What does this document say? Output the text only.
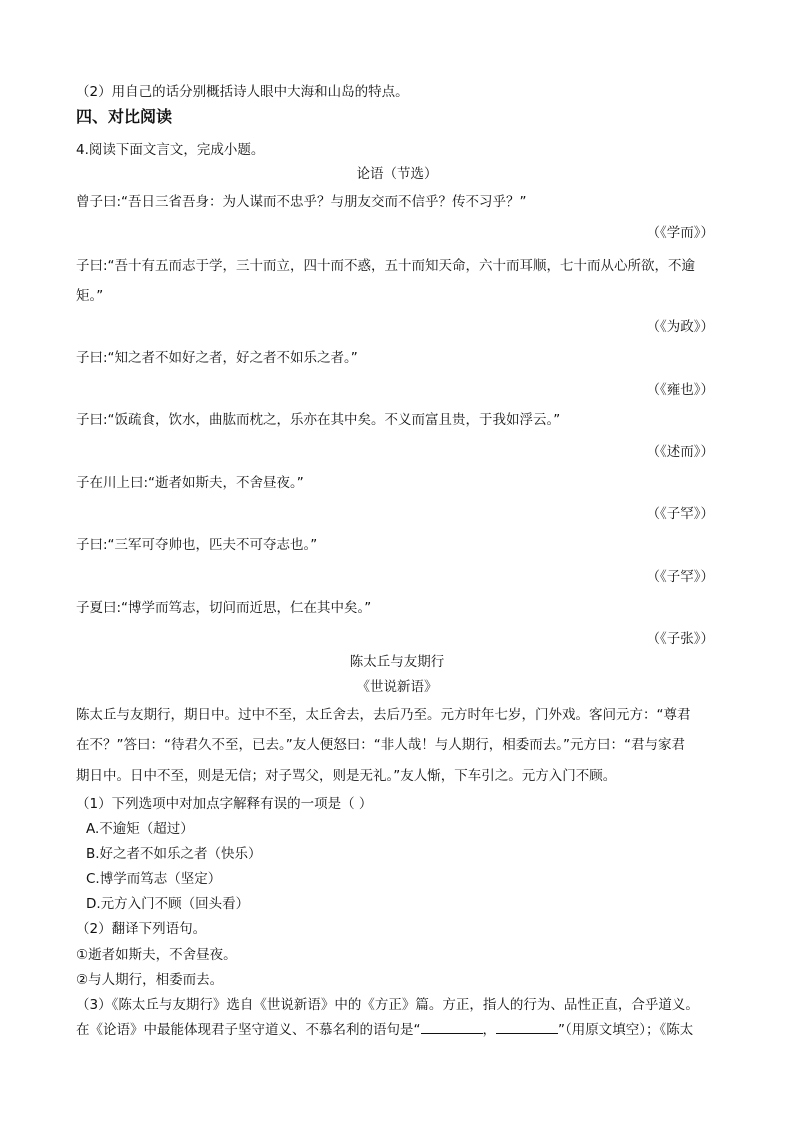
（2）用自己的话分别概括诗人眼中大海和山岛的特点。
四、对比阅读
4.阅读下面文言文，完成小题。
论语（节选）
曾子曰:“吾日三省吾身：为人谋而不忠乎？与朋友交而不信乎？传不习乎？”
（《学而》）
子曰:“吾十有五而志于学，三十而立，四十而不惑，五十而知天命，六十而耳顺，七十而从心所欲，不逾
矩。”
（《为政》）
子曰:“知之者不如好之者，好之者不如乐之者。”
（《雍也》）
子曰:“饭疏食，饮水，曲肱而枕之，乐亦在其中矣。不义而富且贵，于我如浮云。”
（《述而》）
子在川上曰:“逝者如斯夫，不舍昼夜。”
（《子罕》）
子曰:“三军可夺帅也，匹夫不可夺志也。”
（《子罕》）
子夏曰:“博学而笃志，切问而近思，仁在其中矣。”
（《子张》）
陈太丘与友期行
《世说新语》
陈太丘与友期行，期日中。过中不至，太丘舍去，去后乃至。元方时年七岁，门外戏。客问元方：“尊君
在不？”答曰：“待君久不至，已去。”友人便怒曰：“非人哉！与人期行，相委而去。”元方曰：“君与家君
期日中。日中不至，则是无信；对子骂父，则是无礼。”友人惭，下车引之。元方入门不顾。
（1）下列选项中对加点字解释有误的一项是（ ）
A.不逾矩（超过）
B.好之者不如乐之者（快乐）
C.博学而笃志（坚定）
D.元方入门不顾（回头看）
（2）翻译下列语句。
①逝者如斯夫，不舍昼夜。
②与人期行，相委而去。
（3）《陈太丘与友期行》选自《世说新语》中的《方正》篇。方正，指人的行为、品性正直，合乎道义。
在《论语》中最能体现君子坚守道义、不慕名利的语句是“	，	”（用原文填空）；《陈太
